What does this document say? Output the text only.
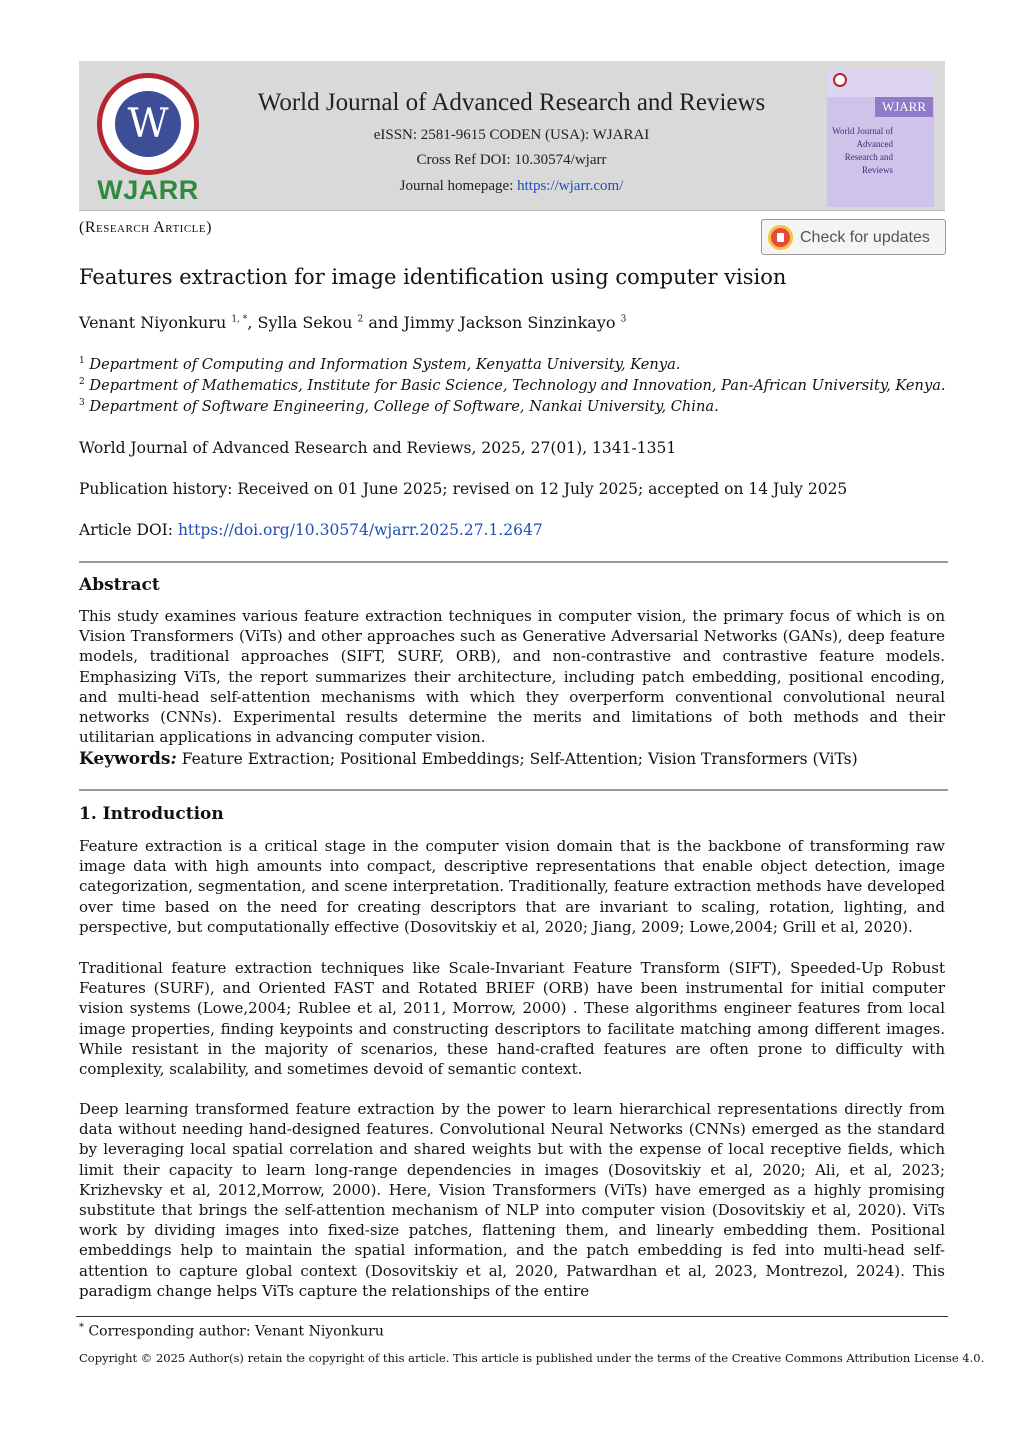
W
WJARR
World Journal of Advanced Research and Reviews
eISSN: 2581-9615 CODEN (USA): WJARAI
Cross Ref DOI: 10.30574/wjarr
Journal homepage: https://wjarr.com/
WJARR
World Journal of Advanced Research and Reviews
(Research Article)
Check for updates
Features extraction for image identification using computer vision
Venant Niyonkuru $^{1, *}$, Sylla Sekou $^2$ and Jimmy Jackson Sinzinkayo $^3$
$^1$ Department of Computing and Information System, Kenyatta University, Kenya.
$^2$ Department of Mathematics, Institute for Basic Science, Technology and Innovation, Pan-African University, Kenya.
$^3$ Department of Software Engineering, College of Software, Nankai University, China.
World Journal of Advanced Research and Reviews, 2025, 27(01), 1341-1351
Publication history: Received on 01 June 2025; revised on 12 July 2025; accepted on 14 July 2025
Article DOI: https://doi.org/10.30574/wjarr.2025.27.1.2647
Abstract
This study examines various feature extraction techniques in computer vision, the primary focus of which is on Vision Transformers (ViTs) and other approaches such as Generative Adversarial Networks (GANs), deep feature models, traditional approaches (SIFT, SURF, ORB), and non-contrastive and contrastive feature models. Emphasizing ViTs, the report summarizes their architecture, including patch embedding, positional encoding, and multi-head self-attention mechanisms with which they overperform conventional convolutional neural networks (CNNs). Experimental results determine the merits and limitations of both methods and their utilitarian applications in advancing computer vision.
Keywords: Feature Extraction; Positional Embeddings; Self-Attention; Vision Transformers (ViTs)
1. Introduction
Feature extraction is a critical stage in the computer vision domain that is the backbone of transforming raw image data with high amounts into compact, descriptive representations that enable object detection, image categorization, segmentation, and scene interpretation. Traditionally, feature extraction methods have developed over time based on the need for creating descriptors that are invariant to scaling, rotation, lighting, and perspective, but computationally effective (Dosovitskiy et al, 2020; Jiang, 2009; Lowe,2004; Grill et al, 2020).
Traditional feature extraction techniques like Scale-Invariant Feature Transform (SIFT), Speeded-Up Robust Features (SURF), and Oriented FAST and Rotated BRIEF (ORB) have been instrumental for initial computer vision systems (Lowe,2004; Rublee et al, 2011, Morrow, 2000) . These algorithms engineer features from local image properties, finding keypoints and constructing descriptors to facilitate matching among different images. While resistant in the majority of scenarios, these hand-crafted features are often prone to difficulty with complexity, scalability, and sometimes devoid of semantic context.
Deep learning transformed feature extraction by the power to learn hierarchical representations directly from data without needing hand-designed features. Convolutional Neural Networks (CNNs) emerged as the standard by leveraging local spatial correlation and shared weights but with the expense of local receptive fields, which limit their capacity to learn long-range dependencies in images (Dosovitskiy et al, 2020; Ali, et al, 2023; Krizhevsky et al, 2012,Morrow, 2000). Here, Vision Transformers (ViTs) have emerged as a highly promising substitute that brings the self-attention mechanism of NLP into computer vision (Dosovitskiy et al, 2020). ViTs work by dividing images into fixed-size patches, flattening them, and linearly embedding them. Positional embeddings help to maintain the spatial information, and the patch embedding is fed into multi-head self-attention to capture global context (Dosovitskiy et al, 2020, Patwardhan et al, 2023, Montrezol, 2024). This paradigm change helps ViTs capture the relationships of the entire
* Corresponding author: Venant Niyonkuru
Copyright © 2025 Author(s) retain the copyright of this article. This article is published under the terms of the Creative Commons Attribution License 4.0.
